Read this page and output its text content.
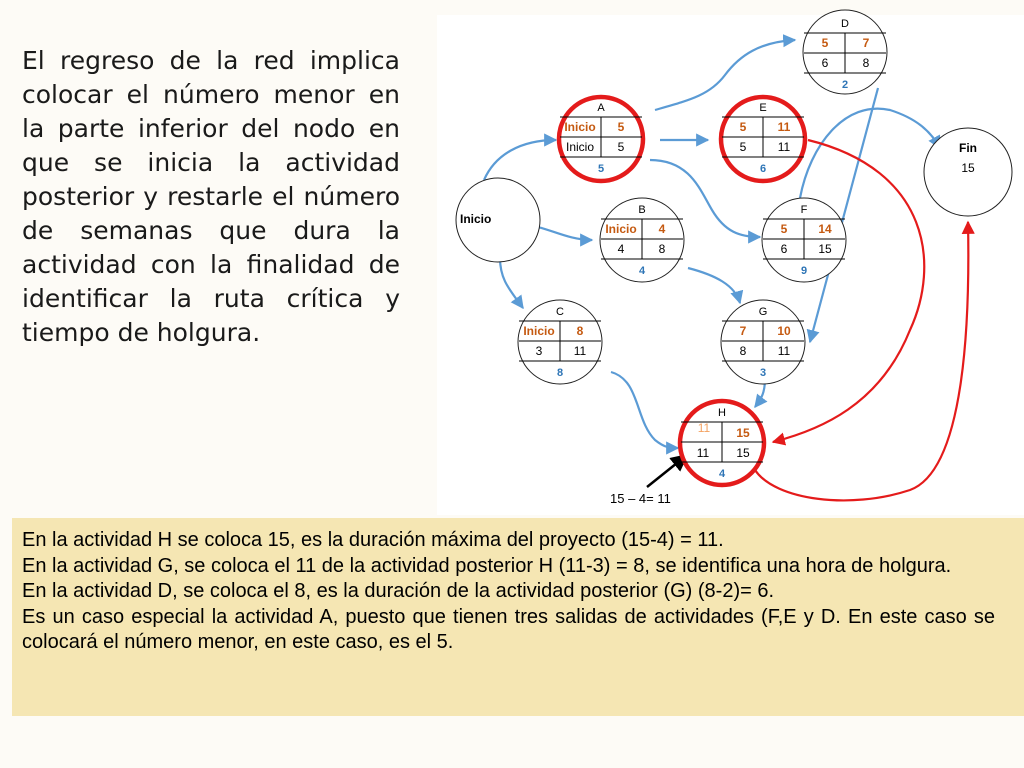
El regreso de la red implica colocar el número menor en la parte inferior del nodo en que se inicia la actividad posterior y restarle el número de semanas que dura la actividad con la finalidad de identificar la ruta crítica y tiempo de holgura.
15 – 4= 11
Inicio
Fin
15
A
Inicio 5
Inicio 5
5
E
5	11
5	11
6
D
5	7
6	8
2
B
Inicio 4
4	8
4
F
5	14
6	15
9
C
Inicio 8
3	11
8
G
7	10
8	11
3
H
11 15
11 15
4

En la actividad H se coloca 15, es la duración máxima del proyecto (15-4) = 11.

En la actividad G, se coloca el 11 de la actividad posterior H (11-3) = 8, se identifica una hora de holgura.

En la actividad D, se coloca el 8, es la duración de la actividad posterior (G) (8-2)= 6.

Es un caso especial la actividad A, puesto que tienen tres salidas de actividades (F,E y D. En este caso se colocará el número menor, en este caso, es el 5.
